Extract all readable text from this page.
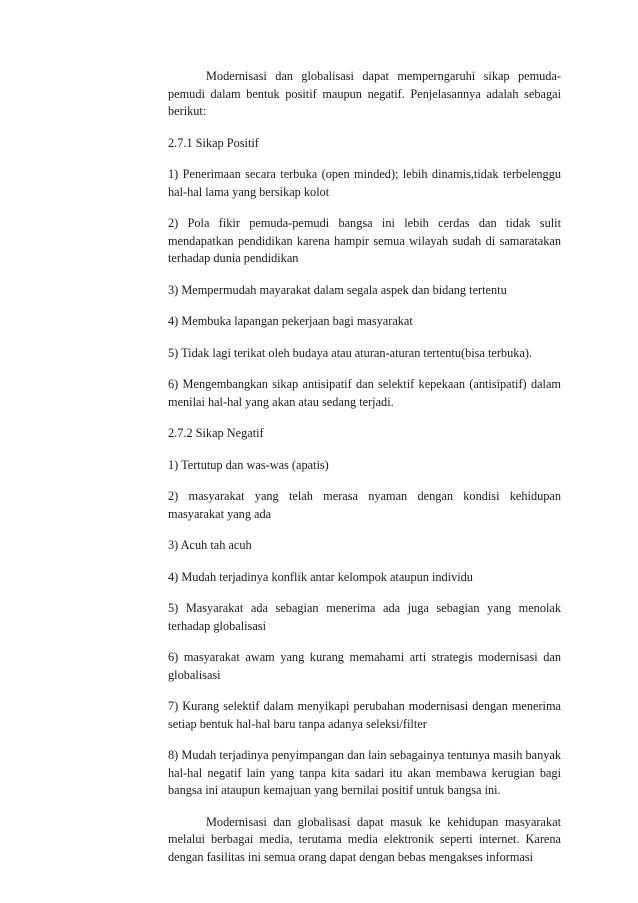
Modernisasi dan globalisasi dapat memperngaruhi sikap pemuda-pemudi dalam bentuk positif maupun negatif. Penjelasannya adalah sebagai berikut:

2.7.1 Sikap Positif

1) Penerimaan secara terbuka (open minded); lebih dinamis,tidak terbelenggu hal-hal lama yang bersikap kolot

2) Pola fikir pemuda-pemudi bangsa ini lebih cerdas dan tidak sulit mendapatkan pendidikan karena hampir semua wilayah sudah di samaratakan terhadap dunia pendidikan

3) Mempermudah mayarakat dalam segala aspek dan bidang tertentu

4) Membuka lapangan pekerjaan bagi masyarakat

5) Tidak lagi terikat oleh budaya atau aturan-aturan tertentu(bisa terbuka).

6) Mengembangkan sikap antisipatif dan selektif kepekaan (antisipatif) dalam menilai hal-hal yang akan atau sedang terjadi.

2.7.2 Sikap Negatif

1) Tertutup dan was-was (apatis)

2) masyarakat yang telah merasa nyaman dengan kondisi kehidupan masyarakat yang ada

3) Acuh tah acuh

4) Mudah terjadinya konflik antar kelompok ataupun individu

5) Masyarakat ada sebagian menerima ada juga sebagian yang menolak terhadap globalisasi

6) masyarakat awam yang kurang memahami arti strategis modernisasi dan globalisasi

7) Kurang selektif dalam menyikapi perubahan modernisasi dengan menerima setiap bentuk hal-hal baru tanpa adanya seleksi/filter

8) Mudah terjadinya penyimpangan dan lain sebagainya tentunya masih banyak hal-hal negatif lain yang tanpa kita sadari itu akan membawa kerugian bagi bangsa ini ataupun kemajuan yang bernilai positif untuk bangsa ini.

Modernisasi dan globalisasi dapat masuk ke kehidupan masyarakat melalui berbagai media, terutama media elektronik seperti internet. Karena dengan fasilitas ini semua orang dapat dengan bebas mengakses informasi
